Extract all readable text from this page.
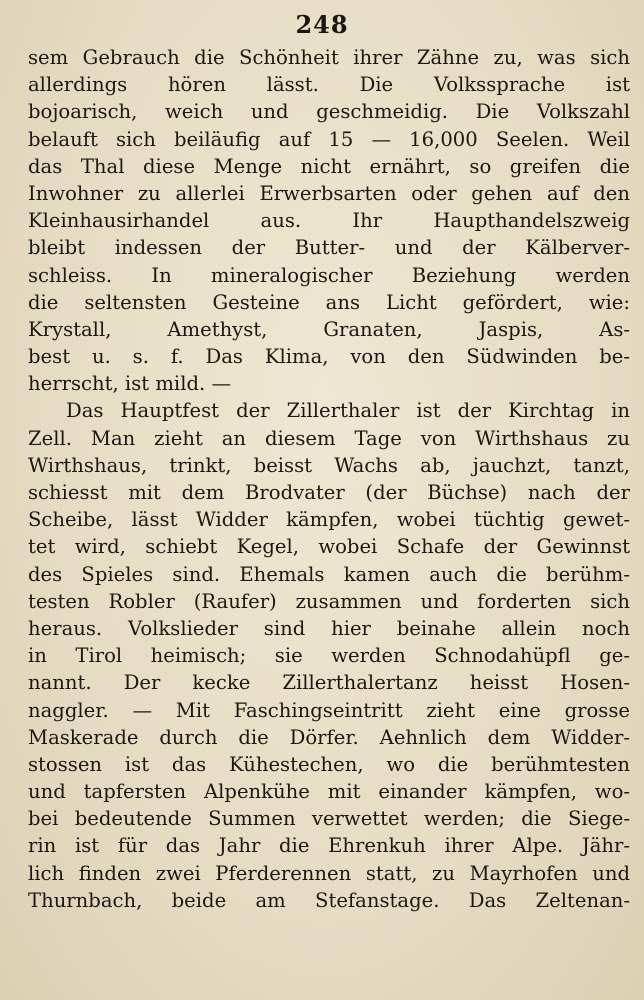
248
sem Gebrauch die Schönheit ihrer Zähne zu, was sich
allerdings hören lässt. Die Volkssprache ist
bojoarisch, weich und geschmeidig. Die Volkszahl
belauft sich beiläufig auf 15 — 16,000 Seelen. Weil
das Thal diese Menge nicht ernährt, so greifen die
Inwohner zu allerlei Erwerbsarten oder gehen auf den
Kleinhausirhandel aus. Ihr Haupthandelszweig
bleibt indessen der Butter- und der Kälberver-
schleiss. In mineralogischer Beziehung werden
die seltensten Gesteine ans Licht gefördert, wie:
Krystall, Amethyst, Granaten, Jaspis, As-
best u. s. f. Das Klima, von den Südwinden be-
herrscht, ist mild. —
Das Hauptfest der Zillerthaler ist der Kirchtag in
Zell. Man zieht an diesem Tage von Wirthshaus zu
Wirthshaus, trinkt, beisst Wachs ab, jauchzt, tanzt,
schiesst mit dem Brodvater (der Büchse) nach der
Scheibe, lässt Widder kämpfen, wobei tüchtig gewet-
tet wird, schiebt Kegel, wobei Schafe der Gewinnst
des Spieles sind. Ehemals kamen auch die berühm-
testen Robler (Raufer) zusammen und forderten sich
heraus. Volkslieder sind hier beinahe allein noch
in Tirol heimisch; sie werden Schnodahüpfl ge-
nannt. Der kecke Zillerthalertanz heisst Hosen-
naggler. — Mit Faschingseintritt zieht eine grosse
Maskerade durch die Dörfer. Aehnlich dem Widder-
stossen ist das Kühestechen, wo die berühmtesten
und tapfersten Alpenkühe mit einander kämpfen, wo-
bei bedeutende Summen verwettet werden; die Siege-
rin ist für das Jahr die Ehrenkuh ihrer Alpe. Jähr-
lich finden zwei Pferderennen statt, zu Mayrhofen und
Thurnbach, beide am Stefanstage. Das Zeltenan-
